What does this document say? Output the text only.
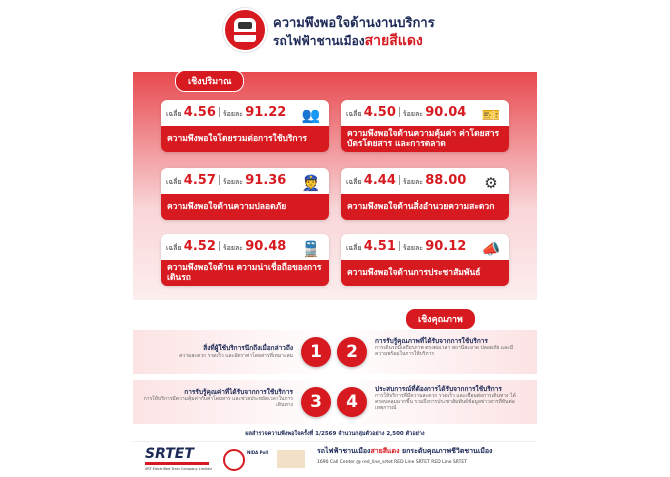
ความพึงพอใจด้านงานบริการ
รถไฟฟ้าชานเมืองสายสีแดง
เชิงปริมาณ
เฉลี่ย 4.56 ร้อยละ 91.22 👥
ความพึงพอใจโดยรวมต่อการใช้บริการ
เฉลี่ย 4.50 ร้อยละ 90.04 🎫
ความพึงพอใจด้านความคุ้มค่า ค่าโดยสาร บัตรโดยสาร และการตลาด
เฉลี่ย 4.57 ร้อยละ 91.36 👮
ความพึงพอใจด้านความปลอดภัย
เฉลี่ย 4.44 ร้อยละ 88.00	⚙
ความพึงพอใจด้านสิ่งอำนวยความสะดวก
เฉลี่ย 4.52 ร้อยละ 90.48 🚆
ความพึงพอใจด้าน ความน่าเชื่อถือของการเดินรถ
เฉลี่ย 4.51 ร้อยละ 90.12 📣
ความพึงพอใจด้านการประชาสัมพันธ์
เชิงคุณภาพ
1	2
3	4
สิ่งที่ผู้ใช้บริการนึกถึงเมื่อกล่าวถึง
ความสะดวก รวดเร็ว และอัตราค่าโดยสารที่เหมาะสม
การรับรู้คุณภาพที่ได้รับจากการใช้บริการ
การเดินรถมีเสถียรภาพ ตรงต่อเวลา สถานีสะอาด ปลอดภัย และมีความพร้อมในการให้บริการ
การรับรู้คุณค่าที่ได้รับจากการใช้บริการ
การให้บริการมีความคุ้มค่ากับค่าโดยสาร และช่วยประหยัดเวลาในการเดินทาง
ประสบการณ์ที่ต้องการได้รับจากการใช้บริการ
การให้บริการที่มีความสะดวก รวดเร็ว และเชื่อมต่อการเดินทาง ได้ครอบคลุมมากขึ้น รวมถึงการประชาสัมพันธ์ข้อมูลข่าวสารที่ทันต่อเหตุการณ์
ผลสำรวจความพึงพอใจครั้งที่ 1/2569 จำนวนกลุ่มตัวอย่าง 2,500 ตัวอย่าง
SRTET
SRT Electrified Train Company Limited
NIDA Poll	รถไฟฟ้าชานเมืองสายสีแดง ยกระดับคุณภาพชีวิตชานเมือง
1690 Call Center @ red_line_srtet RED Line SRTET RED Line SRTET
